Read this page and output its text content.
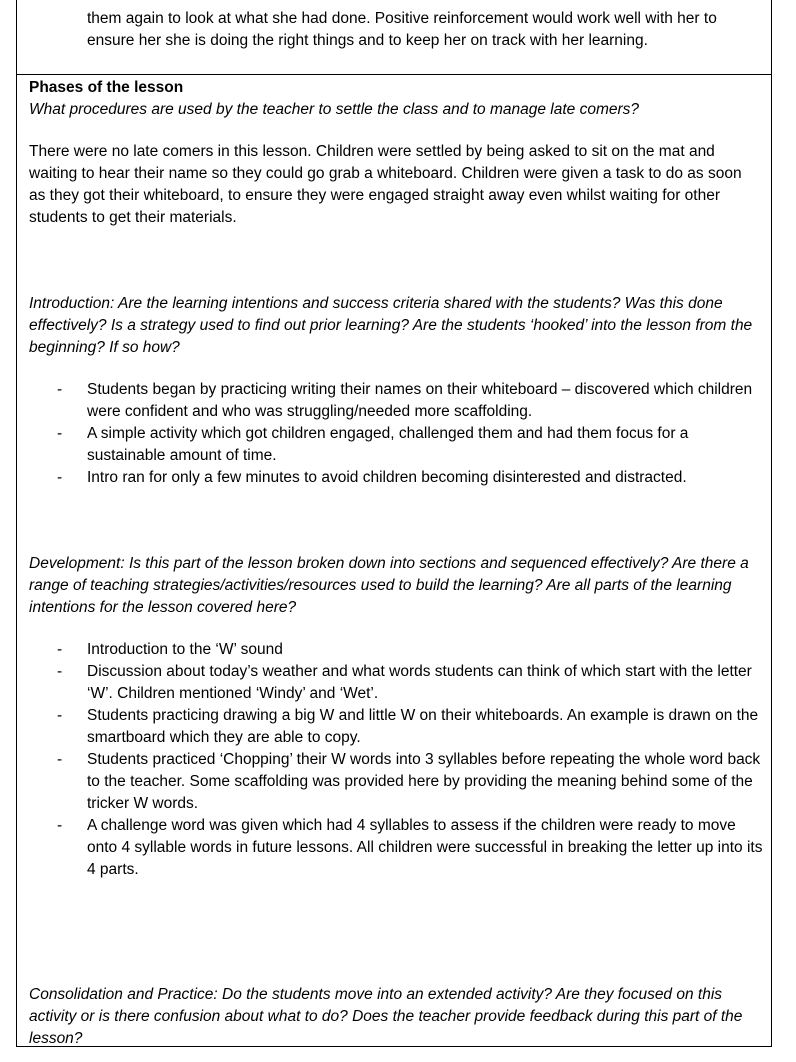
them again to look at what she had done. Positive reinforcement would work well with her to ensure her she is doing the right things and to keep her on track with her learning.

Phases of the lesson

What procedures are used by the teacher to settle the class and to manage late comers?

There were no late comers in this lesson. Children were settled by being asked to sit on the mat and waiting to hear their name so they could go grab a whiteboard. Children were given a task to do as soon as they got their whiteboard, to ensure they were engaged straight away even whilst waiting for other students to get their materials.

Introduction: Are the learning intentions and success criteria shared with the students? Was this done effectively? Is a strategy used to find out prior learning? Are the students ‘hooked’ into the lesson from the beginning? If so how?

- Students began by practicing writing their names on their whiteboard – discovered which children were confident and who was struggling/needed more scaffolding.
- A simple activity which got children engaged, challenged them and had them focus for a sustainable amount of time.
- Intro ran for only a few minutes to avoid children becoming disinterested and distracted.

Development: Is this part of the lesson broken down into sections and sequenced effectively? Are there a range of teaching strategies/activities/resources used to build the learning? Are all parts of the learning intentions for the lesson covered here?

- Introduction to the ‘W’ sound
- Discussion about today’s weather and what words students can think of which start with the letter ‘W’. Children mentioned ‘Windy’ and ‘Wet’.
- Students practicing drawing a big W and little W on their whiteboards. An example is drawn on the smartboard which they are able to copy.
- Students practiced ‘Chopping’ their W words into 3 syllables before repeating the whole word back to the teacher. Some scaffolding was provided here by providing the meaning behind some of the tricker W words.
- A challenge word was given which had 4 syllables to assess if the children were ready to move onto 4 syllable words in future lessons. All children were successful in breaking the letter up into its 4 parts.

Consolidation and Practice: Do the students move into an extended activity? Are they focused on this activity or is there confusion about what to do? Does the teacher provide feedback during this part of the lesson?
